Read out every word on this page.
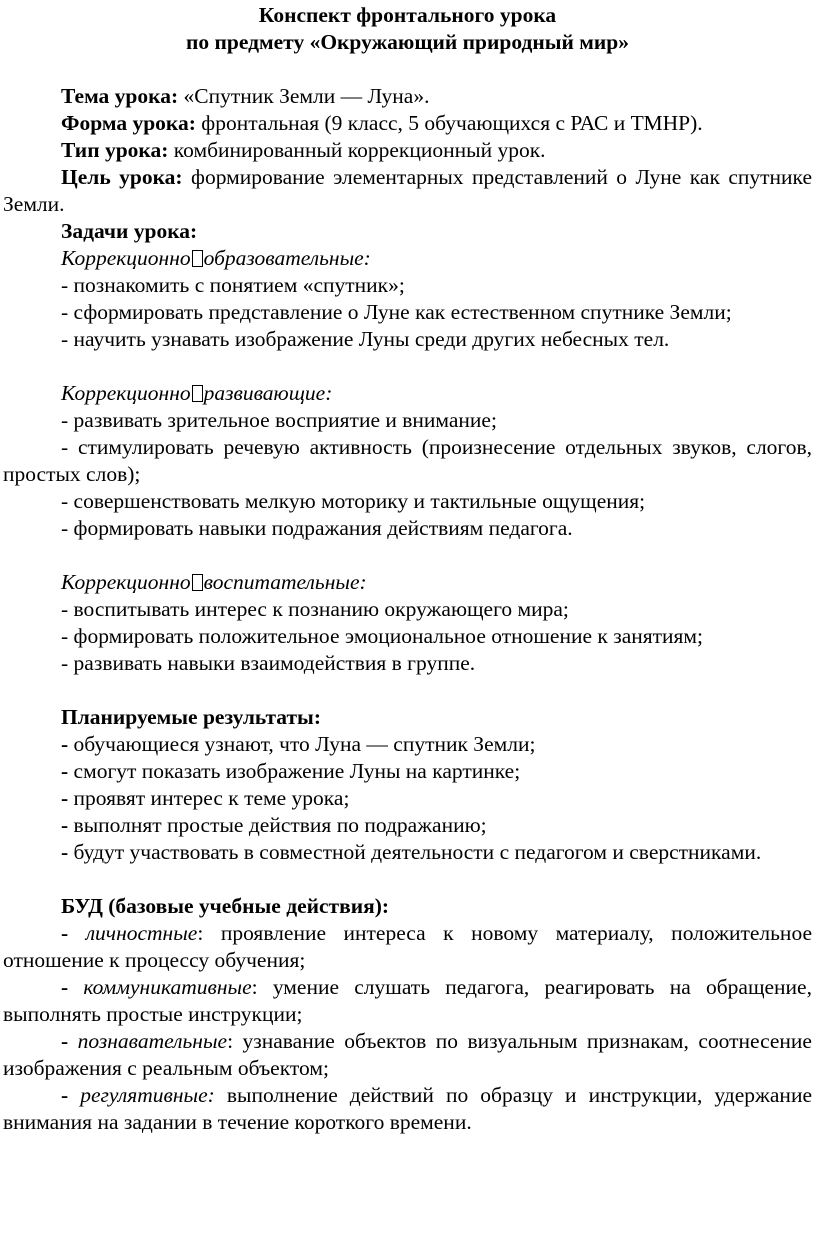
Конспект фронтального урока

по предмету «Окружающий природный мир»

Тема урока: «Спутник Земли — Луна».

Форма урока: фронтальная (9 класс, 5 обучающихся с РАС и ТМНР).

Тип урока: комбинированный коррекционный урок.

Цель урока: формирование элементарных представлений о Луне как спутнике Земли.

Задачи урока:

Коррекционно образовательные:

- познакомить с понятием «спутник»;

- сформировать представление о Луне как естественном спутнике Земли;

- научить узнавать изображение Луны среди других небесных тел.

Коррекционно развивающие:

- развивать зрительное восприятие и внимание;

- стимулировать речевую активность (произнесение отдельных звуков, слогов, простых слов);

- совершенствовать мелкую моторику и тактильные ощущения;

- формировать навыки подражания действиям педагога.

Коррекционно воспитательные:

- воспитывать интерес к познанию окружающего мира;

- формировать положительное эмоциональное отношение к занятиям;

- развивать навыки взаимодействия в группе.

Планируемые результаты:

- обучающиеся узнают, что Луна — спутник Земли;

- смогут показать изображение Луны на картинке;

- проявят интерес к теме урока;

- выполнят простые действия по подражанию;

- будут участвовать в совместной деятельности с педагогом и сверстниками.

БУД (базовые учебные действия):

- личностные: проявление интереса к новому материалу, положительное отношение к процессу обучения;

- коммуникативные: умение слушать педагога, реагировать на обращение, выполнять простые инструкции;

- познавательные: узнавание объектов по визуальным признакам, соотнесение изображения с реальным объектом;

- регулятивные: выполнение действий по образцу и инструкции, удержание внимания на задании в течение короткого времени.
